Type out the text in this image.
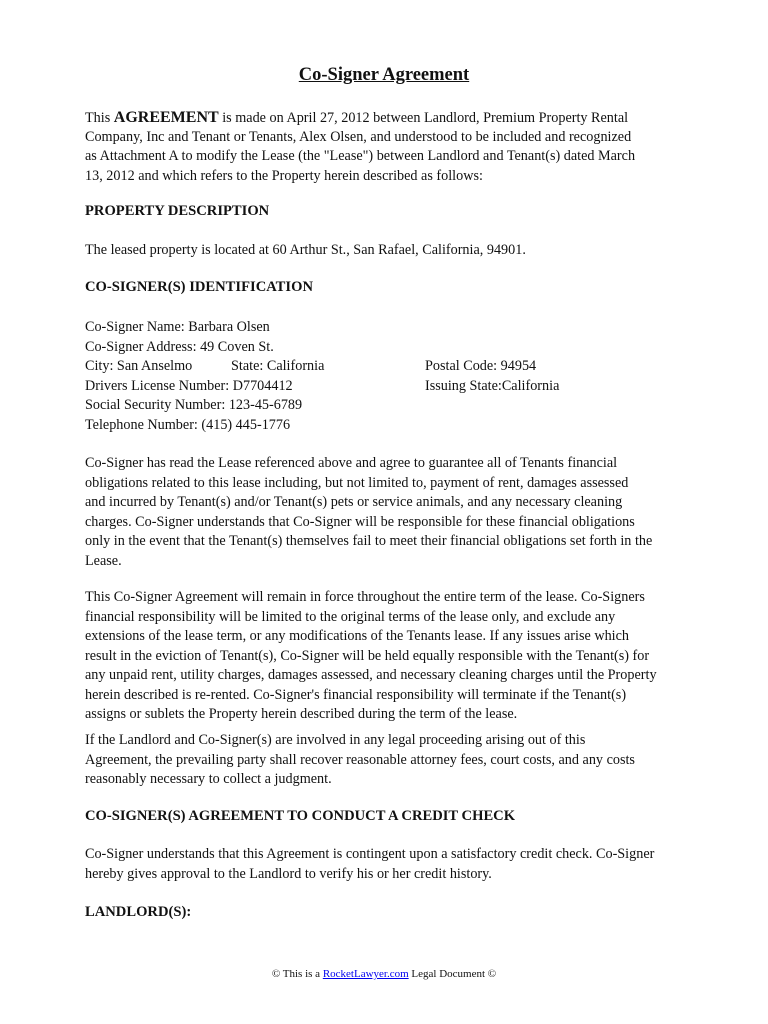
Co-Signer Agreement
This AGREEMENT is made on April 27, 2012 between Landlord, Premium Property Rental
Company, Inc and Tenant or Tenants, Alex Olsen, and understood to be included and recognized
as Attachment A to modify the Lease (the "Lease") between Landlord and Tenant(s) dated March
13, 2012 and which refers to the Property herein described as follows:
PROPERTY DESCRIPTION
The leased property is located at 60 Arthur St., San Rafael, California, 94901.
CO-SIGNER(S) IDENTIFICATION
Co-Signer Name: Barbara Olsen
Co-Signer Address: 49 Coven St.
City: San Anselmo	State: California	Postal Code: 94954
Drivers License Number: D7704412	Issuing State:California
Social Security Number: 123-45-6789
Telephone Number: (415) 445-1776
Co-Signer has read the Lease referenced above and agree to guarantee all of Tenants financial
obligations related to this lease including, but not limited to, payment of rent, damages assessed
and incurred by Tenant(s) and/or Tenant(s) pets or service animals, and any necessary cleaning
charges. Co-Signer understands that Co-Signer will be responsible for these financial obligations
only in the event that the Tenant(s) themselves fail to meet their financial obligations set forth in the
Lease.
This Co-Signer Agreement will remain in force throughout the entire term of the lease. Co-Signers
financial responsibility will be limited to the original terms of the lease only, and exclude any
extensions of the lease term, or any modifications of the Tenants lease. If any issues arise which
result in the eviction of Tenant(s), Co-Signer will be held equally responsible with the Tenant(s) for
any unpaid rent, utility charges, damages assessed, and necessary cleaning charges until the Property
herein described is re-rented. Co-Signer's financial responsibility will terminate if the Tenant(s)
assigns or sublets the Property herein described during the term of the lease.
If the Landlord and Co-Signer(s) are involved in any legal proceeding arising out of this
Agreement, the prevailing party shall recover reasonable attorney fees, court costs, and any costs
reasonably necessary to collect a judgment.
CO-SIGNER(S) AGREEMENT TO CONDUCT A CREDIT CHECK
Co-Signer understands that this Agreement is contingent upon a satisfactory credit check. Co-Signer
hereby gives approval to the Landlord to verify his or her credit history.
LANDLORD(S):

© This is a RocketLawyer.com Legal Document ©
